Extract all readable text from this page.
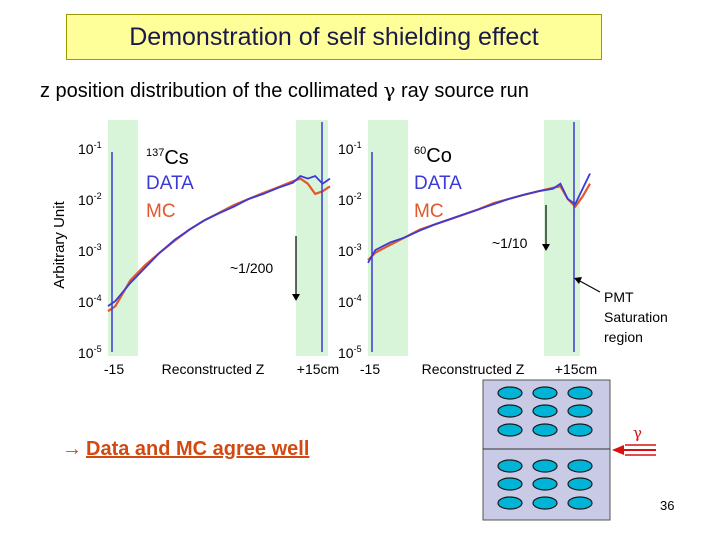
Demonstration of self shielding effect
z position distribution of the collimated γ ray source run
Arbitrary Unit
$10^{-1}$
$10^{-2}$
$10^{-3}$
$10^{-4}$
$10^{-5}$
$^{137}$Cs
DATA
MC
~1/200
-15	+15cm
Reconstructed Z
$10^{-1}$
$10^{-2}$
$10^{-3}$
$10^{-4}$
$10^{-5}$
$^{60}$Co
DATA
MC
~1/10
-15	+15cm
Reconstructed Z
PMT
Saturation
region
γ
→ Data and MC agree well
36
